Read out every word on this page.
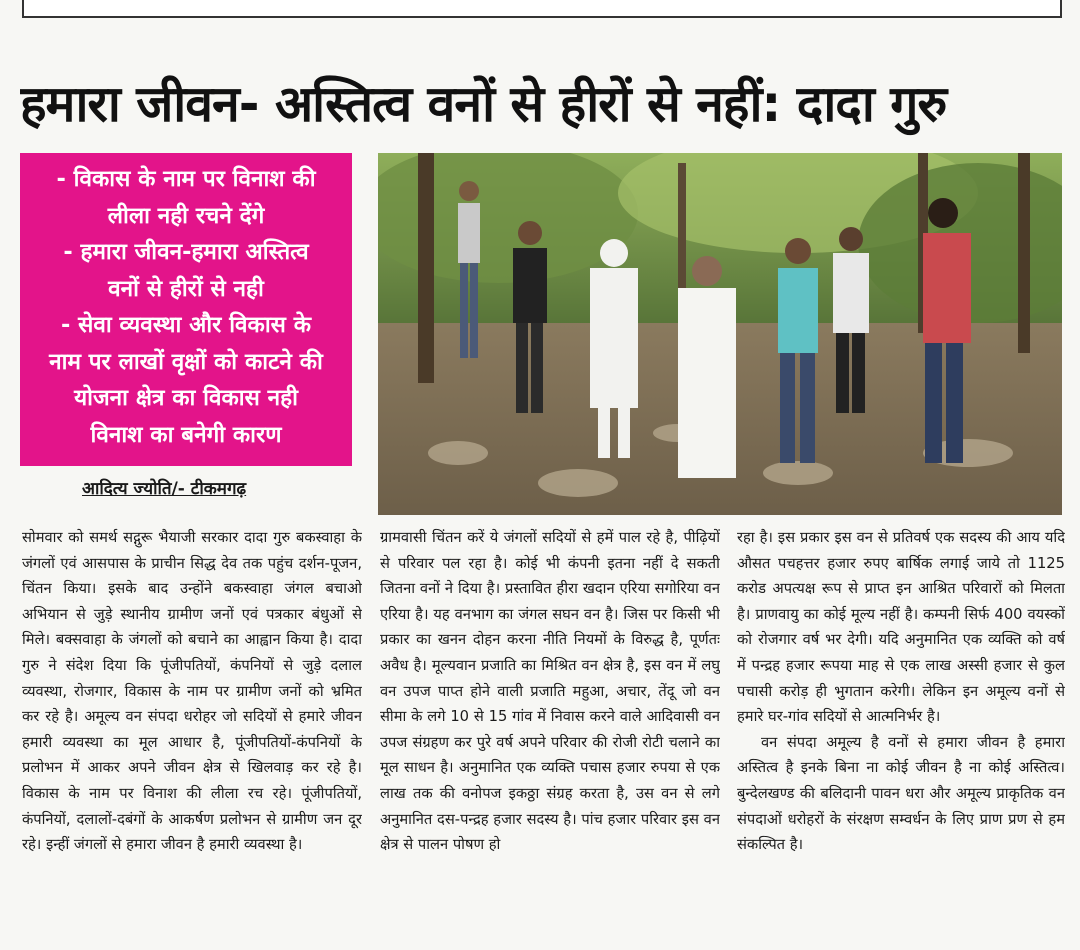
हमारा जीवन- अस्तित्व वनों से हीरों से नहीं: दादा गुरु
- विकास के नाम पर विनाश की
लीला नही रचने देंगे
- हमारा जीवन-हमारा अस्तित्व
वनों से हीरों से नही
- सेवा व्यवस्था और विकास के
नाम पर लाखों वृक्षों को काटने की
योजना क्षेत्र का विकास नही
विनाश का बनेगी कारण
आदित्य ज्योति/- टीकमगढ़

सोमवार को समर्थ सद्गुरू भैयाजी सरकार दादा गुरु बकस्वाहा के जंगलों एवं आसपास के प्राचीन सिद्ध देव तक पहुंच दर्शन-पूजन, चिंतन किया। इसके बाद उन्होंने बकस्वाहा जंगल बचाओ अभियान से जुड़े स्थानीय ग्रामीण जनों एवं पत्रकार बंधुओं से मिले। बक्सवाहा के जंगलों को बचाने का आह्वान किया है। दादा गुरु ने संदेश दिया कि पूंजीपतियों, कंपनियों से जुड़े दलाल व्यवस्था, रोजगार, विकास के नाम पर ग्रामीण जनों को भ्रमित कर रहे है। अमूल्य वन संपदा धरोहर जो सदियों से हमारे जीवन हमारी व्यवस्था का मूल आधार है, पूंजीपतियों-कंपनियों के प्रलोभन में आकर अपने जीवन क्षेत्र से खिलवाड़ कर रहे है। विकास के नाम पर विनाश की लीला रच रहे। पूंजीपतियों, कंपनियों, दलालों-दबंगों के आकर्षण प्रलोभन से ग्रामीण जन दूर रहे। इन्हीं जंगलों से हमारा जीवन है हमारी व्यवस्था है।

ग्रामवासी चिंतन करें ये जंगलों सदियों से हमें पाल रहे है, पीढ़ियों से परिवार पल रहा है। कोई भी कंपनी इतना नहीं दे सकती जितना वनों ने दिया है। प्रस्तावित हीरा खदान एरिया सगोरिया वन एरिया है। यह वनभाग का जंगल सघन वन है। जिस पर किसी भी प्रकार का खनन दोहन करना नीति नियमों के विरुद्ध है, पूर्णतः अवैध है। मूल्यवान प्रजाति का मिश्रित वन क्षेत्र है, इस वन में लघु वन उपज पाप्त होने वाली प्रजाति महुआ, अचार, तेंदू जो वन सीमा के लगे 10 से 15 गांव में निवास करने वाले आदिवासी वन उपज संग्रहण कर पुरे वर्ष अपने परिवार की रोजी रोटी चलाने का मूल साधन है। अनुमानित एक व्यक्ति पचास हजार रुपया से एक लाख तक की वनोपज इकठ्ठा संग्रह करता है, उस वन से लगे अनुमानित दस-पन्द्रह हजार सदस्य है। पांच हजार परिवार इस वन क्षेत्र से पालन पोषण हो

रहा है। इस प्रकार इस वन से प्रतिवर्ष एक सदस्य की आय यदि औसत पचहत्तर हजार रुपए बार्षिक लगाई जाये तो 1125 करोड अपत्यक्ष रूप से प्राप्त इन आश्रित परिवारों को मिलता है। प्राणवायु का कोई मूल्य नहीं है। कम्पनी सिर्फ 400 वयस्कों को रोजगार वर्ष भर देगी। यदि अनुमानित एक व्यक्ति को वर्ष में पन्द्रह हजार रूपया माह से एक लाख अस्सी हजार से कुल पचासी करोड़ ही भुगतान करेगी। लेकिन इन अमूल्य वनों से हमारे घर-गांव सदियों से आत्मनिर्भर है।

वन संपदा अमूल्य है वनों से हमारा जीवन है हमारा अस्तित्व है इनके बिना ना कोई जीवन है ना कोई अस्तित्व। बुन्देलखण्ड की बलिदानी पावन धरा और अमूल्य प्राकृतिक वन संपदाओं धरोहरों के संरक्षण सम्वर्धन के लिए प्राण प्रण से हम संकल्पित है।
